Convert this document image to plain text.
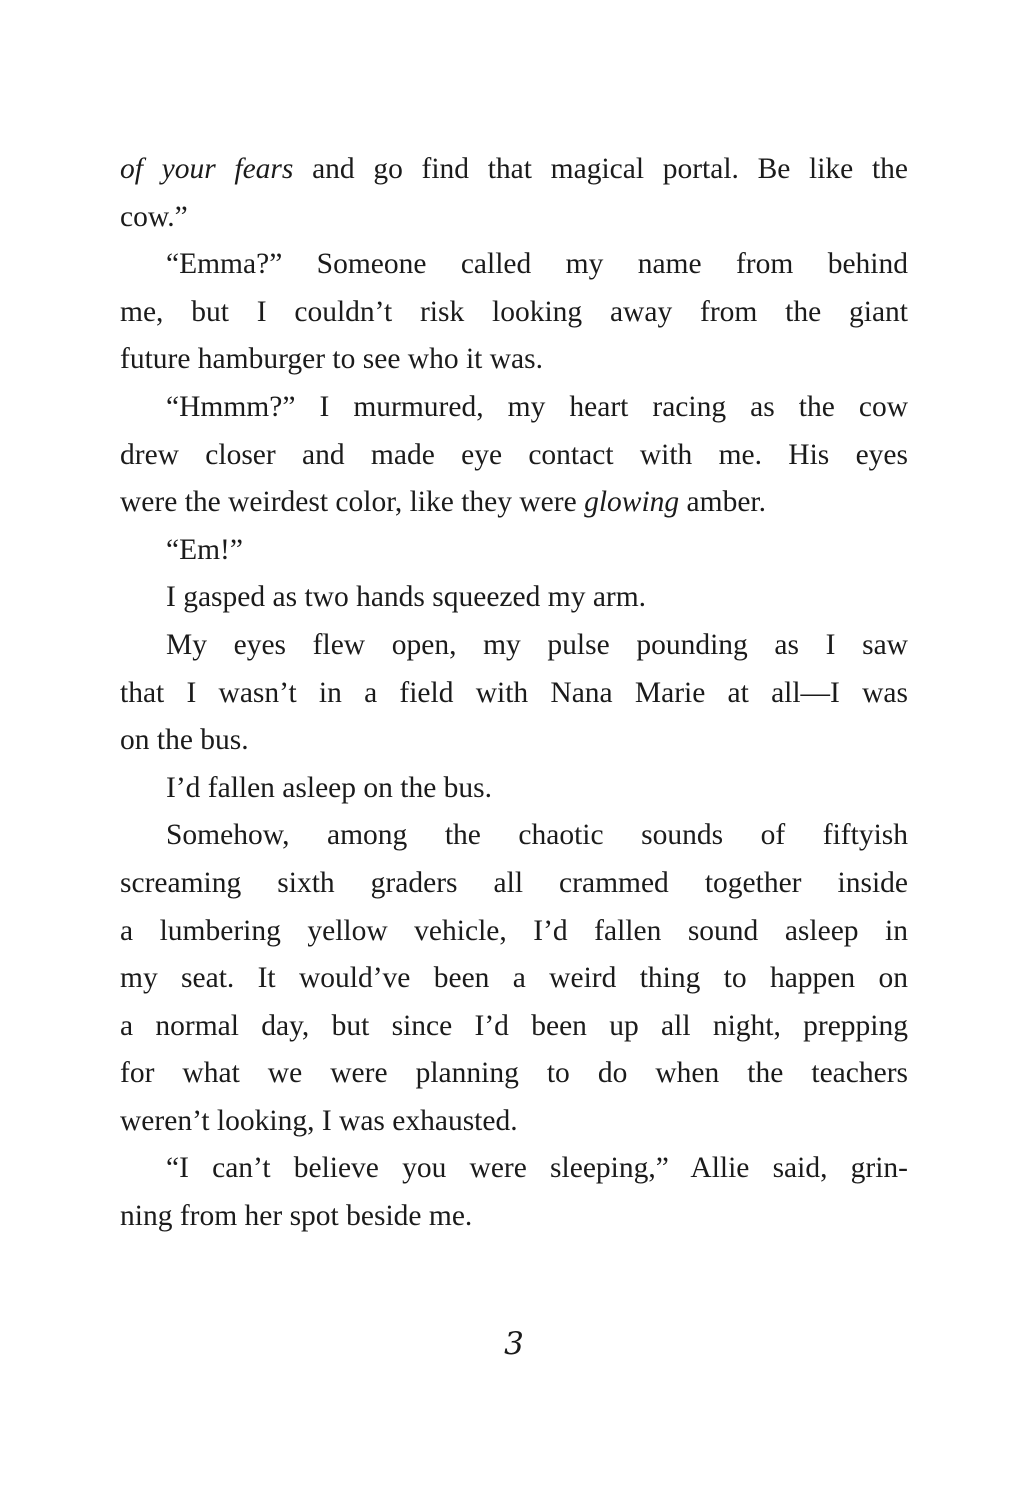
of your fears and go find that magical portal. Be like the
cow.”
“Emma?” Someone called my name from behind
me, but I couldn’t risk looking away from the giant
future hamburger to see who it was.
“Hmmm?” I murmured, my heart racing as the cow
drew closer and made eye contact with me. His eyes
were the weirdest color, like they were glowing amber.
“Em!”
I gasped as two hands squeezed my arm.
My eyes flew open, my pulse pounding as I saw
that I wasn’t in a field with Nana Marie at all—I was
on the bus.
I’d fallen asleep on the bus.
Somehow, among the chaotic sounds of fiftyish
screaming sixth graders all crammed together inside
a lumbering yellow vehicle, I’d fallen sound asleep in
my seat. It would’ve been a weird thing to happen on
a normal day, but since I’d been up all night, prepping
for what we were planning to do when the teachers
weren’t looking, I was exhausted.
“I can’t believe you were sleeping,” Allie said, grin-
ning from her spot beside me.
3
